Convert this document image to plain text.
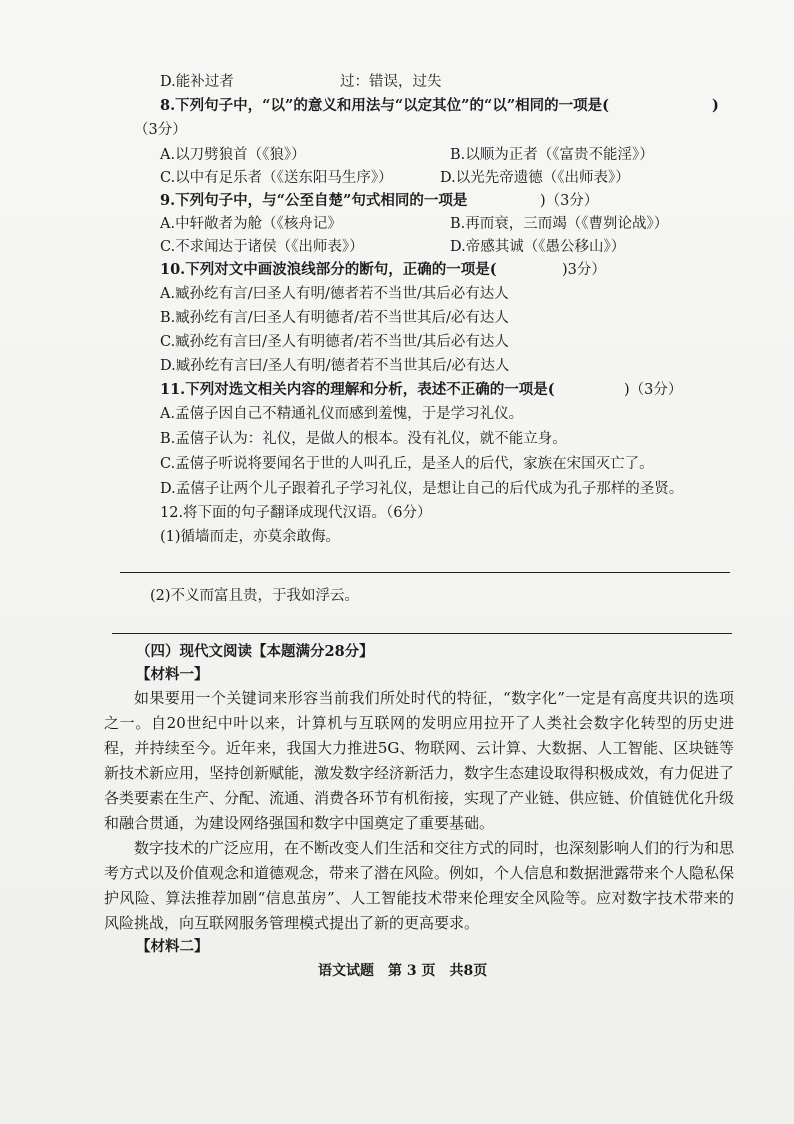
D.能补过者	过：错误，过失
8.下列句子中，“以”的意义和用法与“以定其位”的“以”相同的一项是(	)
（3分）
A.以刀劈狼首（《狼》）	B.以顺为正者（《富贵不能淫》）
C.以中有足乐者（《送东阳马生序》）	D.以光先帝遗德（《出师表》）
9.下列句子中，与“公至自楚”句式相同的一项是	)（3分）
A.中轩敞者为舱（《核舟记》	B.再而衰，三而竭（《曹刿论战》）
C.不求闻达于诸侯（《出师表》）	D.帝感其诚（《愚公移山》）
10.下列对文中画波浪线部分的断句，正确的一项是(	)3分）
A.臧孙纥有言/曰圣人有明/德者若不当世/其后必有达人
B.臧孙纥有言/曰圣人有明德者/若不当世其后/必有达人
C.臧孙纥有言曰/圣人有明德者/若不当世/其后必有达人
D.臧孙纥有言曰/圣人有明/德者若不当世其后/必有达人
11.下列对选文相关内容的理解和分析，表述不正确的一项是(	)（3分）
A.孟僖子因自己不精通礼仪而感到羞愧，于是学习礼仪。
B.孟僖子认为：礼仪，是做人的根本。没有礼仪，就不能立身。
C.孟僖子听说将要闻名于世的人叫孔丘，是圣人的后代，家族在宋国灭亡了。
D.孟僖子让两个儿子跟着孔子学习礼仪，是想让自己的后代成为孔子那样的圣贤。
12.将下面的句子翻译成现代汉语。（6分）
(1)循墙而走，亦莫余敢侮。
(2)不义而富且贵，于我如浮云。
（四）现代文阅读【本题满分28分】
【材料一】
如果要用一个关键词来形容当前我们所处时代的特征，“数字化”一定是有高度共识的选项之一。自20世纪中叶以来，计算机与互联网的发明应用拉开了人类社会数字化转型的历史进程，并持续至今。近年来，我国大力推进5G、物联网、云计算、大数据、人工智能、区块链等新技术新应用，坚持创新赋能，激发数字经济新活力，数字生态建设取得积极成效，有力促进了各类要素在生产、分配、流通、消费各环节有机衔接，实现了产业链、供应链、价值链优化升级和融合贯通，为建设网络强国和数字中国奠定了重要基础。
数字技术的广泛应用，在不断改变人们生活和交往方式的同时，也深刻影响人们的行为和思考方式以及价值观念和道德观念，带来了潜在风险。例如，个人信息和数据泄露带来个人隐私保护风险、算法推荐加剧“信息茧房”、人工智能技术带来伦理安全风险等。应对数字技术带来的风险挑战，向互联网服务管理模式提出了新的更高要求。
【材料二】
语文试题　第 3 页　共8页
